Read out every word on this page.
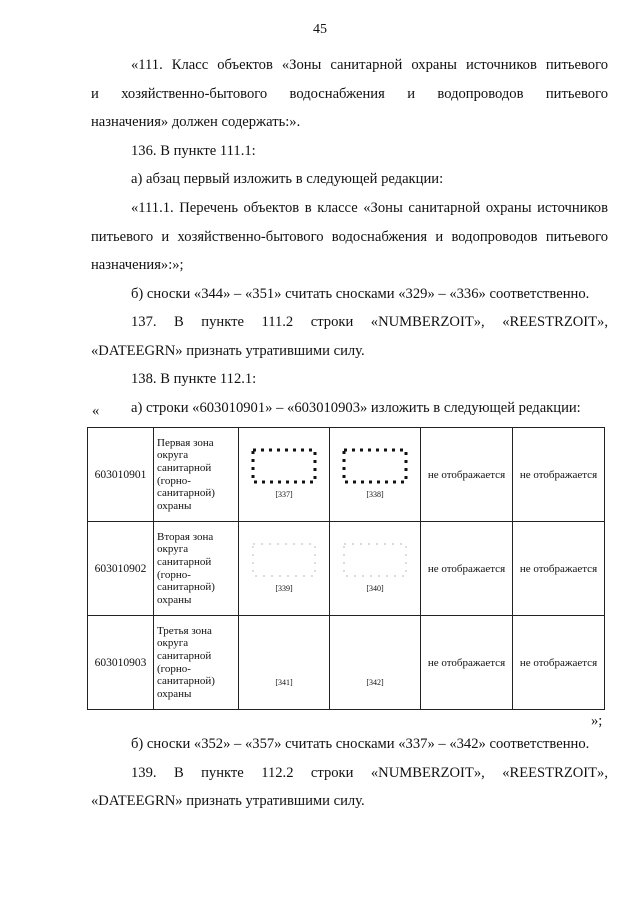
45
«111. Класс объектов «Зоны санитарной охраны источников питьевого
и хозяйственно-бытового водоснабжения и водопроводов питьевого
назначения» должен содержать:».
136. В пункте 111.1:
а) абзац первый изложить в следующей редакции:
«111.1. Перечень объектов в классе «Зоны санитарной охраны источников
питьевого и хозяйственно-бытового водоснабжения и водопроводов питьевого
назначения»:»;
б) сноски «344» – «351» считать сносками «329» – «336» соответственно.
137. В пункте 111.2 строки «NUMBERZOIT», «REESTRZOIT»,
«DATEEGRN» признать утратившими силу.
138. В пункте 112.1:
а) строки «603010901» – «603010903» изложить в следующей редакции:
«
603010901	Первая зона округа санитарной (горно-санитарной) охраны	[337]	[338]	не отображается	не отображается
603010902	Вторая зона округа санитарной (горно-санитарной) охраны	[339]	[340]	не отображается	не отображается
603010903	Третья зона округа санитарной (горно-санитарной) охраны	[341]	[342]	не отображается	не отображается
»;
б) сноски «352» – «357» считать сносками «337» – «342» соответственно.
139. В пункте 112.2 строки «NUMBERZOIT», «REESTRZOIT»,
«DATEEGRN» признать утратившими силу.
